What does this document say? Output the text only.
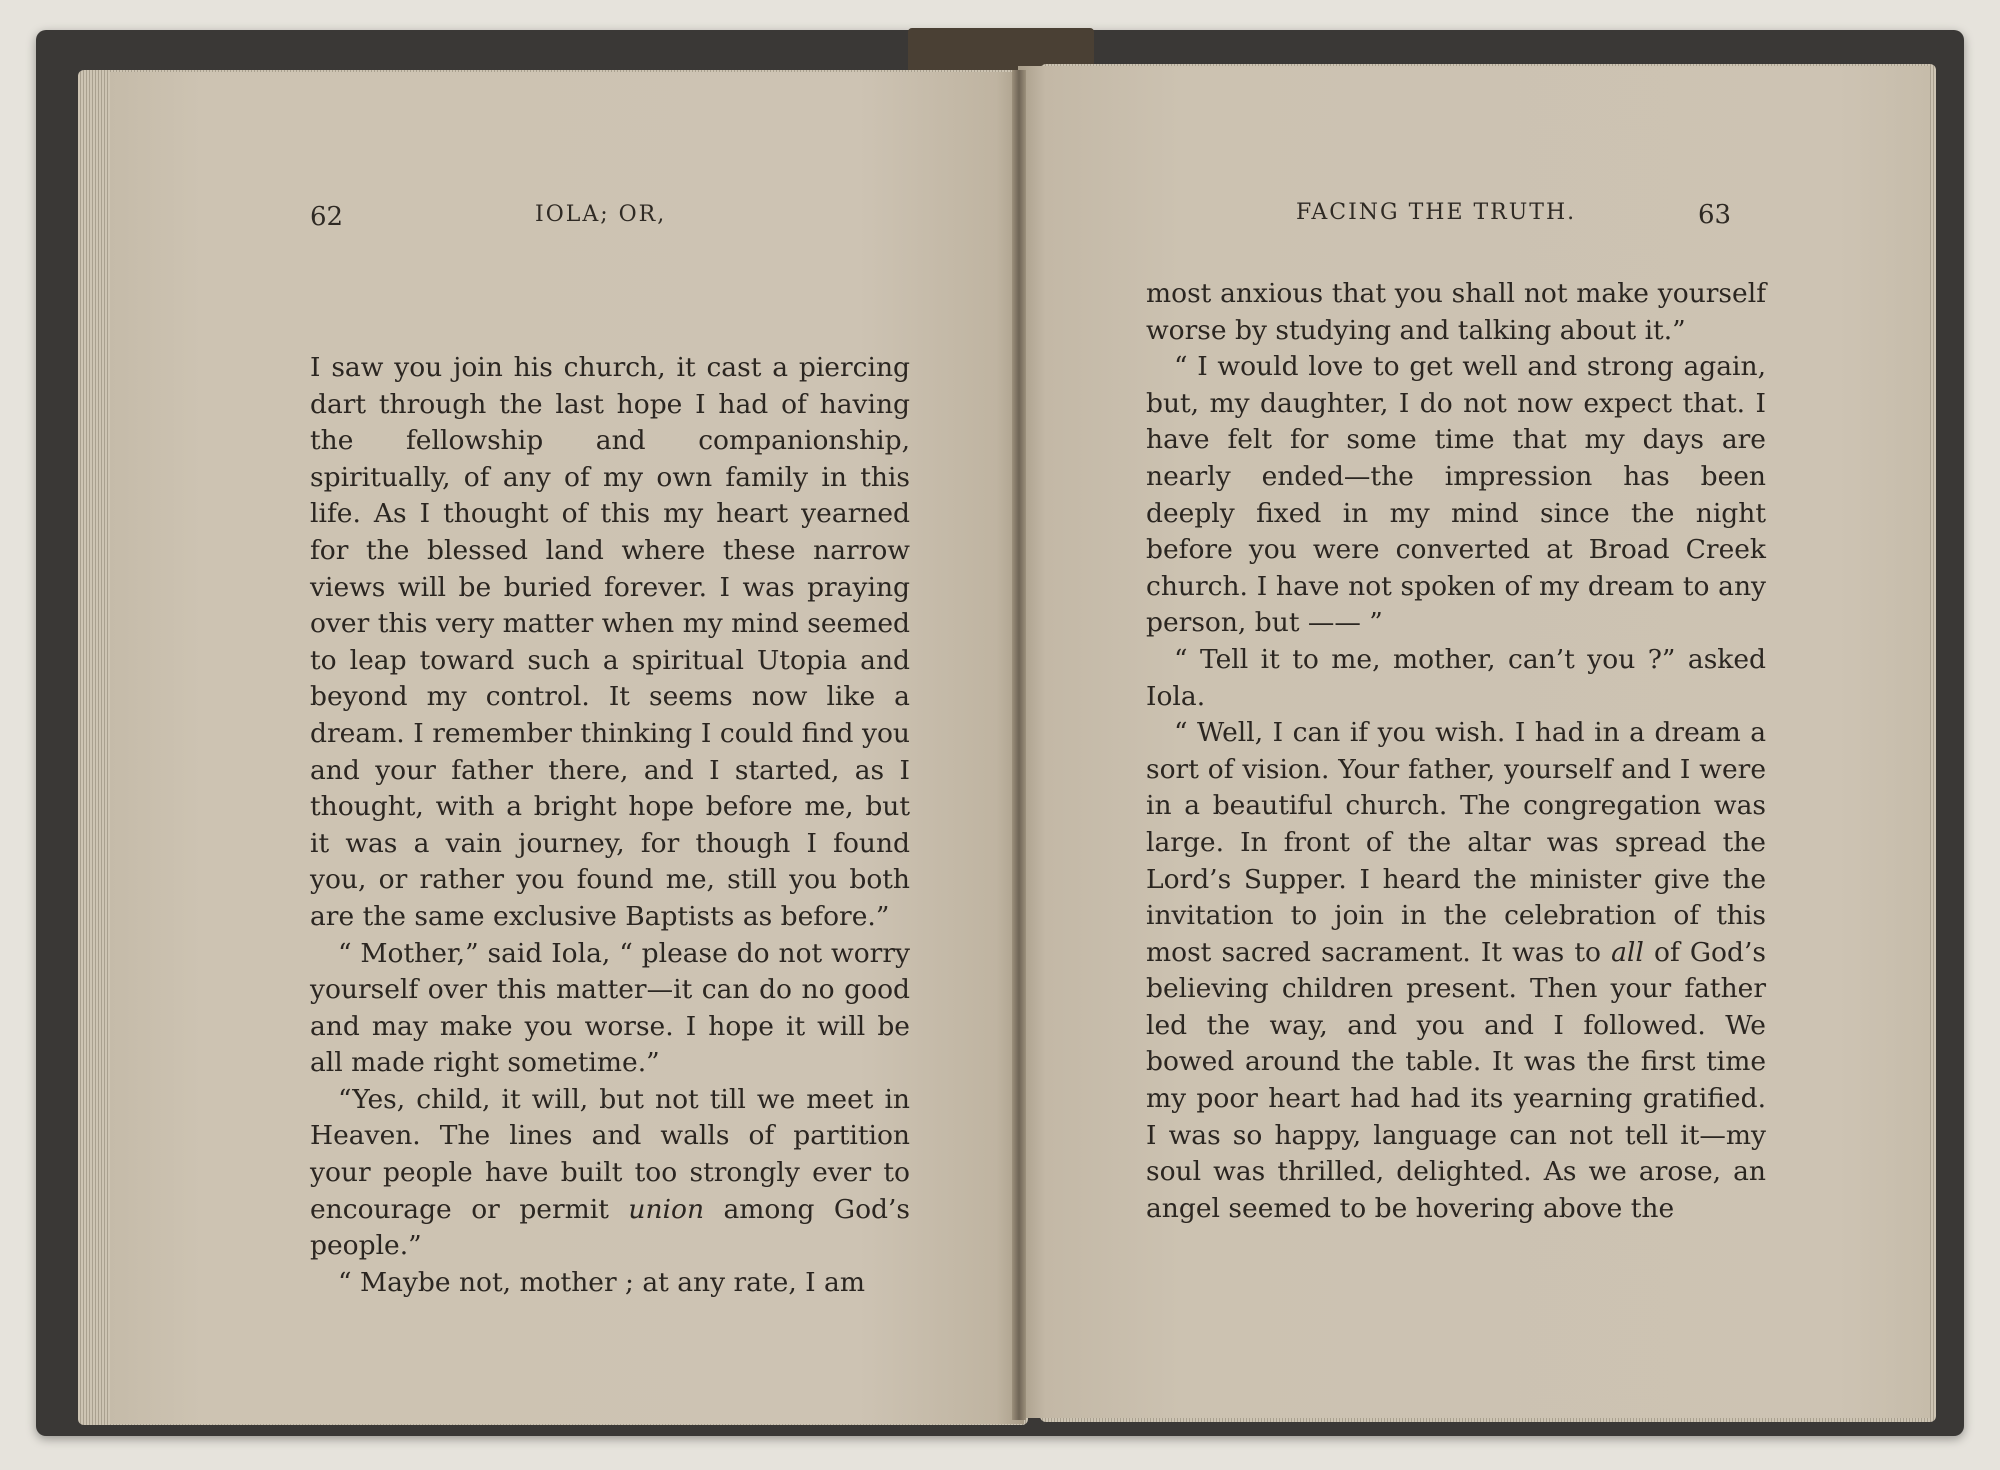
62	IOLA; OR,

I saw you join his church, it cast a piercing dart through the last hope I had of having the fellowship and companionship, spiritually, of any of my own family in this life. As I thought of this my heart yearned for the blessed land where these narrow views will be buried forever. I was praying over this very matter when my mind seemed to leap toward such a spiritual Utopia and beyond my control. It seems now like a dream. I remember thinking I could find you and your father there, and I started, as I thought, with a bright hope before me, but it was a vain journey, for though I found you, or rather you found me, still you both are the same exclusive Baptists as before.”

“ Mother,” said Iola, “ please do not worry yourself over this matter—it can do no good and may make you worse. I hope it will be all made right sometime.”

“Yes, child, it will, but not till we meet in Heaven. The lines and walls of partition your people have built too strongly ever to encourage or permit union among God’s people.”

“ Maybe not, mother ; at any rate, I am

FACING THE TRUTH.	63

most anxious that you shall not make yourself worse by studying and talking about it.”

“ I would love to get well and strong again, but, my daughter, I do not now expect that. I have felt for some time that my days are nearly ended—the impression has been deeply fixed in my mind since the night before you were converted at Broad Creek church. I have not spoken of my dream to any person, but —— ”

“ Tell it to me, mother, can’t you ?” asked Iola.

“ Well, I can if you wish. I had in a dream a sort of vision. Your father, yourself and I were in a beautiful church. The congregation was large. In front of the altar was spread the Lord’s Supper. I heard the minister give the invitation to join in the celebration of this most sacred sacrament. It was to all of God’s believing children present. Then your father led the way, and you and I followed. We bowed around the table. It was the first time my poor heart had had its yearning gratified. I was so happy, language can not tell it—my soul was thrilled, delighted. As we arose, an angel seemed to be hovering above the
